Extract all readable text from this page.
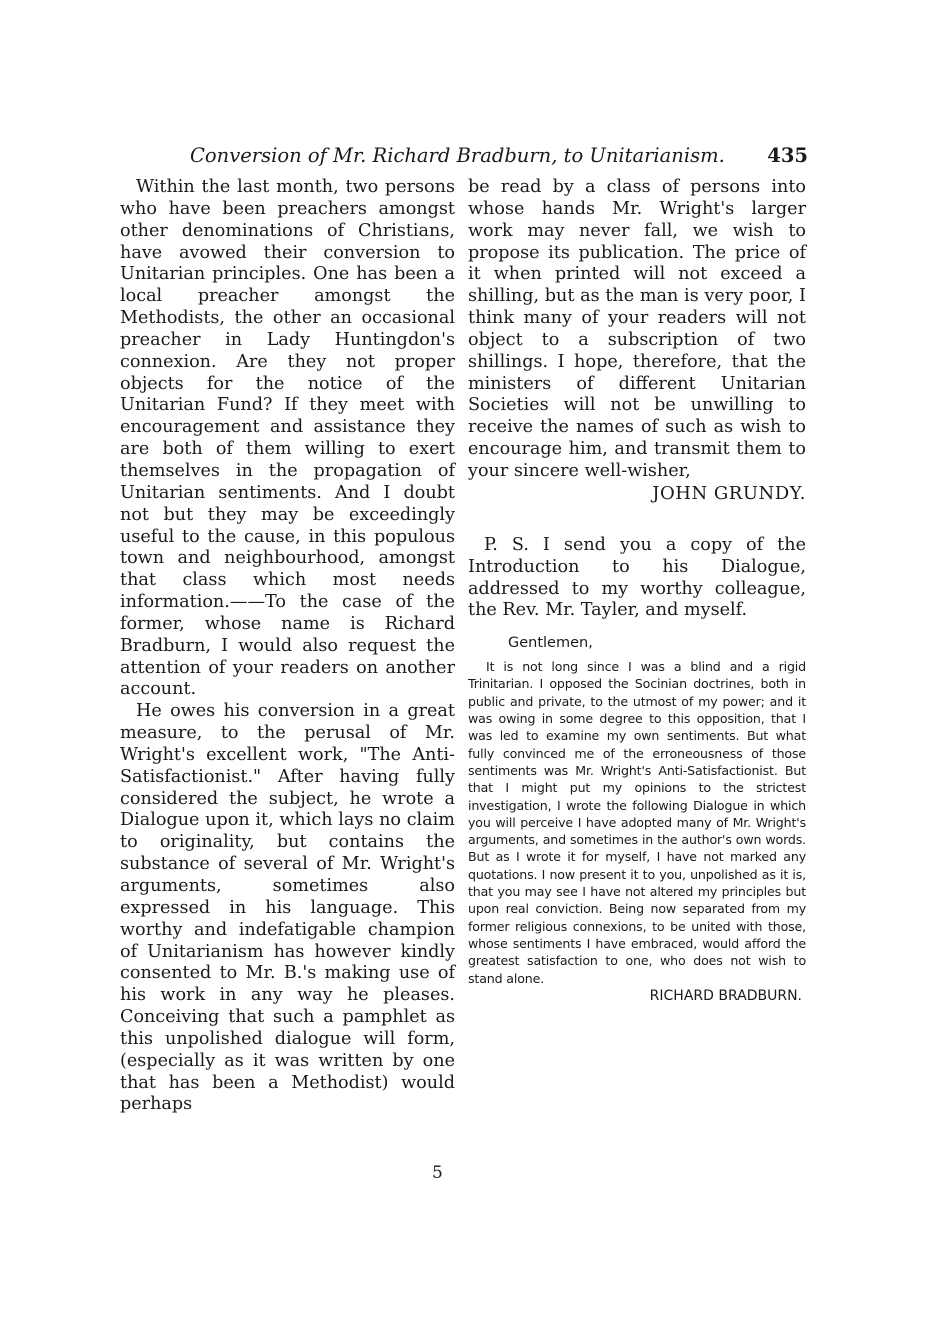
Conversion of Mr. Richard Bradburn, to Unitarianism. 435

Within the last month, two persons who have been preachers amongst other denominations of Christians, have avowed their conversion to Unitarian principles. One has been a local preacher amongst the Methodists, the other an occasional preacher in Lady Huntingdon's connexion. Are they not proper objects for the notice of the Unitarian Fund? If they meet with encouragement and assistance they are both of them willing to exert themselves in the propagation of Unitarian sentiments. And I doubt not but they may be exceedingly useful to the cause, in this populous town and neighbourhood, amongst that class which most needs information.——To the case of the former, whose name is Richard Bradburn, I would also request the attention of your readers on another account.

He owes his conversion in a great measure, to the perusal of Mr. Wright's excellent work, "The Anti-Satisfactionist." After having fully considered the subject, he wrote a Dialogue upon it, which lays no claim to originality, but contains the substance of several of Mr. Wright's arguments, sometimes also expressed in his language. This worthy and indefatigable champion of Unitarianism has however kindly consented to Mr. B.'s making use of his work in any way he pleases. Conceiving that such a pamphlet as this unpolished dialogue will form, (especially as it was written by one that has been a Methodist) would perhaps

be read by a class of persons into whose hands Mr. Wright's larger work may never fall, we wish to propose its publication. The price of it when printed will not exceed a shilling, but as the man is very poor, I think many of your readers will not object to a subscription of two shillings. I hope, therefore, that the ministers of different Unitarian Societies will not be unwilling to receive the names of such as wish to encourage him, and transmit them to your sincere well-wisher,

JOHN GRUNDY.

P. S. I send you a copy of the Introduction to his Dialogue, addressed to my worthy colleague, the Rev. Mr. Tayler, and myself.

Gentlemen,

It is not long since I was a blind and a rigid Trinitarian. I opposed the Socinian doctrines, both in public and private, to the utmost of my power; and it was owing in some degree to this opposition, that I was led to examine my own sentiments. But what fully convinced me of the erroneousness of those sentiments was Mr. Wright's Anti-Satisfactionist. But that I might put my opinions to the strictest investigation, I wrote the following Dialogue in which you will perceive I have adopted many of Mr. Wright's arguments, and sometimes in the author's own words. But as I wrote it for myself, I have not marked any quotations. I now present it to you, unpolished as it is, that you may see I have not altered my principles but upon real conviction. Being now separated from my former religious connexions, to be united with those, whose sentiments I have embraced, would afford the greatest satisfaction to one, who does not wish to stand alone.

RICHARD BRADBURN.

5
